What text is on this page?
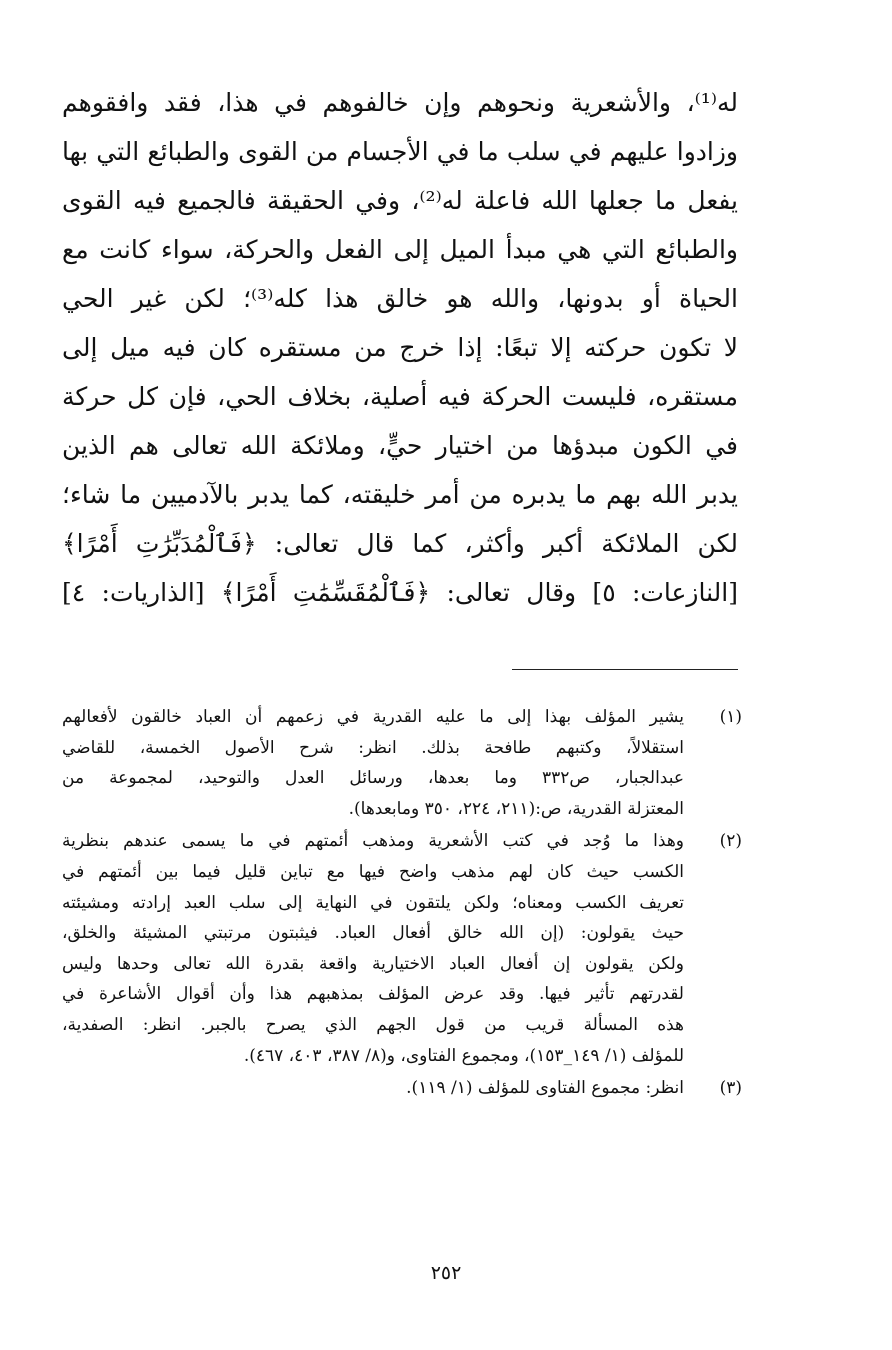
له⁽¹⁾، والأشعرية ونحوهم وإن خالفوهم في هذا، فقد وافقوهم
وزادوا عليهم في سلب ما في الأجسام من القوى والطبائع التي بها
يفعل ما جعلها الله فاعلة له⁽²⁾، وفي الحقيقة فالجميع فيه القوى
والطبائع التي هي مبدأ الميل إلى الفعل والحركة، سواء كانت مع
الحياة أو بدونها، والله هو خالق هذا كله⁽³⁾؛ لكن غير الحي
لا تكون حركته إلا تبعًا: إذا خرج من مستقره كان فيه ميل إلى
مستقره، فليست الحركة فيه أصلية، بخلاف الحي، فإن كل حركة
في الكون مبدؤها من اختيار حيٍّ، وملائكة الله تعالى هم الذين
يدبر الله بهم ما يدبره من أمر خليقته، كما يدبر بالآدميين ما شاء؛
لكن الملائكة أكبر وأكثر، كما قال تعالى: ﴿فَٱلْمُدَبِّرَٰتِ أَمْرًا﴾
[النازعات: ٥] وقال تعالى: ﴿فَٱلْمُقَسِّمَٰتِ أَمْرًا﴾ [الذاريات: ٤]
(١)
يشير المؤلف بهذا إلى ما عليه القدرية في زعمهم أن العباد خالقون لأفعالهم
استقلالاً، وكتبهم طافحة بذلك. انظر: شرح الأصول الخمسة، للقاضي
عبدالجبار، ص٣٣٢ وما بعدها، ورسائل العدل والتوحيد، لمجموعة من
المعتزلة القدرية، ص:(٢١١، ٢٢٤، ٣٥٠ ومابعدها).
(٢)
وهذا ما وُجد في كتب الأشعرية ومذهب أئمتهم في ما يسمى عندهم بنظرية
الكسب حيث كان لهم مذهب واضح فيها مع تباين قليل فيما بين أئمتهم في
تعريف الكسب ومعناه؛ ولكن يلتقون في النهاية إلى سلب العبد إرادته ومشيئته
حيث يقولون: (إن الله خالق أفعال العباد. فيثبتون مرتبتي المشيئة والخلق،
ولكن يقولون إن أفعال العباد الاختيارية واقعة بقدرة الله تعالى وحدها وليس
لقدرتهم تأثير فيها. وقد عرض المؤلف بمذهبهم هذا وأن أقوال الأشاعرة في
هذه المسألة قريب من قول الجهم الذي يصرح بالجبر. انظر: الصفدية،
للمؤلف (١/ ١٤٩_١٥٣)، ومجموع الفتاوى، و(٨/ ٣٨٧، ٤٠٣، ٤٦٧).
(٣)
انظر: مجموع الفتاوى للمؤلف (١/ ١١٩).
٢٥٢
